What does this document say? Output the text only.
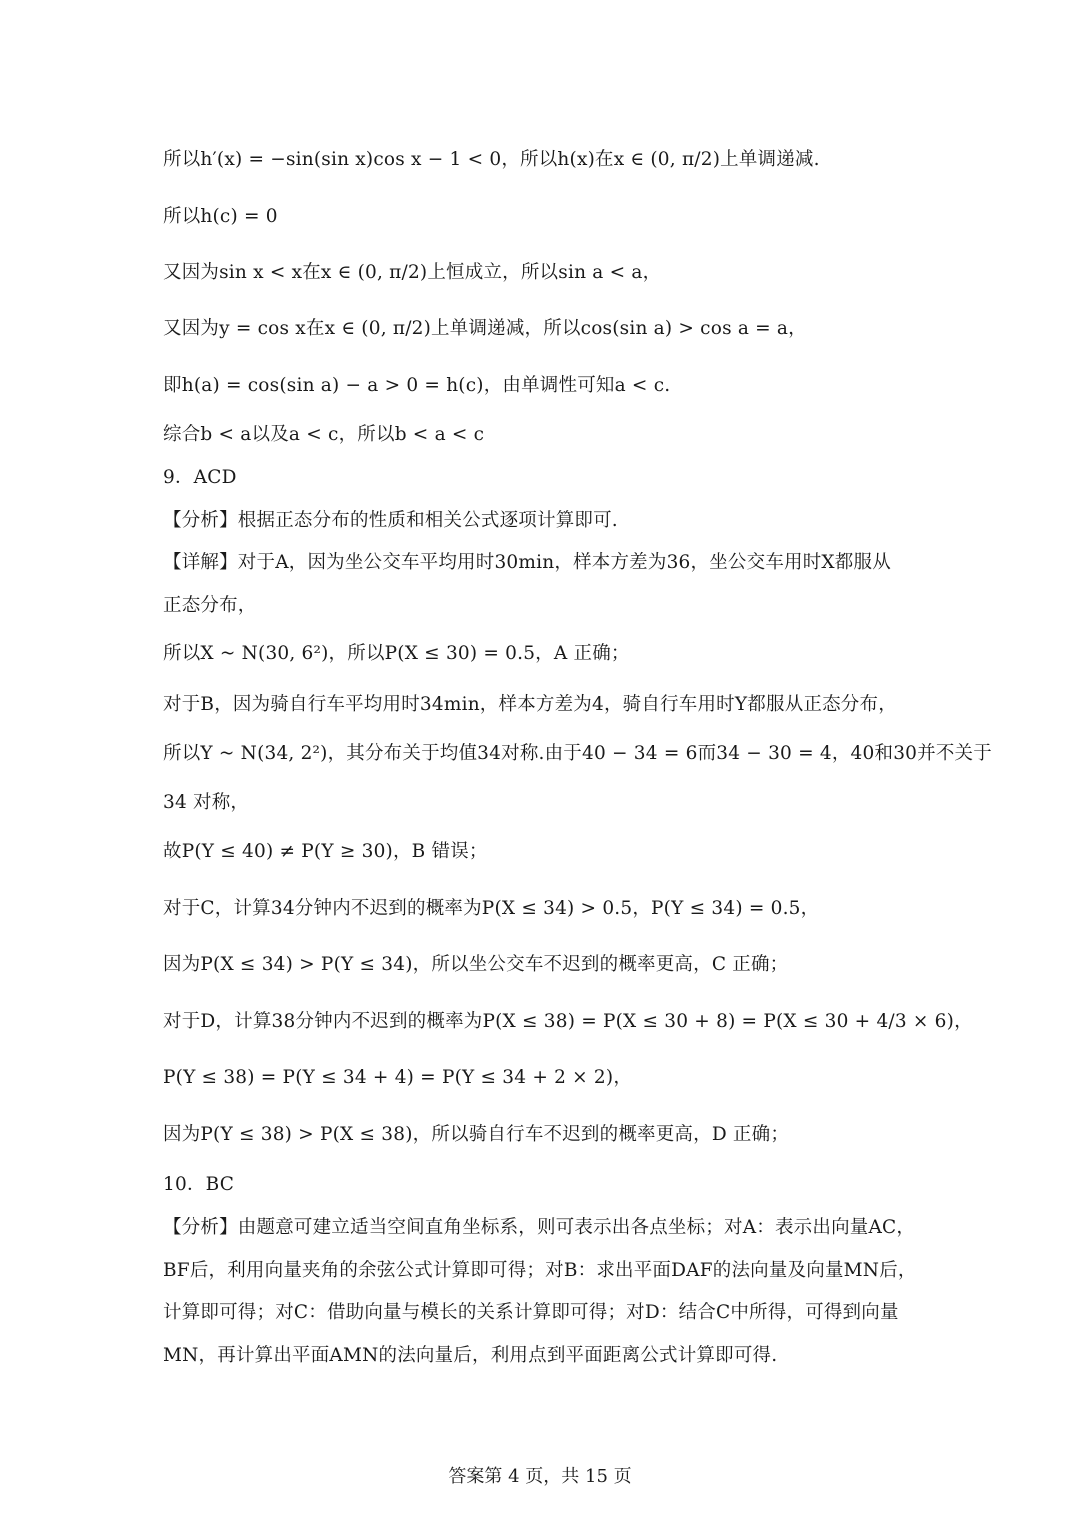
所以h′(x) = −sin(sin x)cos x − 1 < 0，所以h(x)在x ∈ (0, π/2)上单调递减.
所以h(c) = 0
又因为sin x < x在x ∈ (0, π/2)上恒成立，所以sin a < a，
又因为y = cos x在x ∈ (0, π/2)上单调递减，所以cos(sin a) > cos a = a，
即h(a) = cos(sin a) − a > 0 = h(c)，由单调性可知a < c.
综合b < a以及a < c，所以b < a < c
9．ACD
【分析】根据正态分布的性质和相关公式逐项计算即可.
【详解】对于A，因为坐公交车平均用时30min，样本方差为36，坐公交车用时X都服从
正态分布，
所以X ~ N(30, 6²)，所以P(X ≤ 30) = 0.5，A 正确；
对于B，因为骑自行车平均用时34min，样本方差为4，骑自行车用时Y都服从正态分布，
所以Y ~ N(34, 2²)，其分布关于均值34对称.由于40 − 34 = 6而34 − 30 = 4，40和30并不关于
34 对称，
故P(Y ≤ 40) ≠ P(Y ≥ 30)，B 错误；
对于C，计算34分钟内不迟到的概率为P(X ≤ 34) > 0.5，P(Y ≤ 34) = 0.5，
因为P(X ≤ 34) > P(Y ≤ 34)，所以坐公交车不迟到的概率更高，C 正确；
对于D，计算38分钟内不迟到的概率为P(X ≤ 38) = P(X ≤ 30 + 8) = P(X ≤ 30 + 4/3 × 6)，
P(Y ≤ 38) = P(Y ≤ 34 + 4) = P(Y ≤ 34 + 2 × 2)，
因为P(Y ≤ 38) > P(X ≤ 38)，所以骑自行车不迟到的概率更高，D 正确；
10．BC
【分析】由题意可建立适当空间直角坐标系，则可表示出各点坐标；对A：表示出向量AC，
BF后，利用向量夹角的余弦公式计算即可得；对B：求出平面DAF的法向量及向量MN后，
计算即可得；对C：借助向量与模长的关系计算即可得；对D：结合C中所得，可得到向量
MN，再计算出平面AMN的法向量后，利用点到平面距离公式计算即可得.
答案第 4 页，共 15 页
